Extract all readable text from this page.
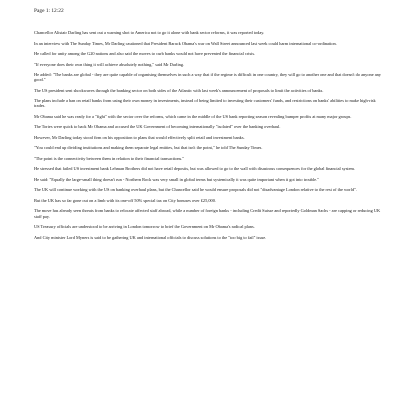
Page 1: 12:22

Chancellor Alistair Darling has sent out a warning shot to America not to go it alone with bank sector reforms, it was reported today.

In an interview with The Sunday Times, Mr Darling cautioned that President Barack Obama's war on Wall Street announced last week could harm international co-ordination.

He called for unity among the G20 nations and also said the moves to curb banks would not have prevented the financial crisis.

"If everyone does their own thing it will achieve absolutely nothing," said Mr Darling.

He added: "The banks are global - they are quite capable of organising themselves in such a way that if the regime is difficult in one country, they will go to another one and that doesn't do anyone any good."

The US president sent shockwaves through the banking sector on both sides of the Atlantic with last week's announcement of proposals to limit the activities of banks.

The plans include a ban on retail banks from using their own money in investments, instead of being limited to investing their customers' funds, and restrictions on banks' abilities to make high-risk trades.

Mr Obama said he was ready for a "fight" with the sector over the reforms, which came in the middle of the US bank reporting season revealing bumper profits at many major groups.

The Tories were quick to back Mr Obama and accused the UK Government of becoming internationally "isolated" over the banking overhaul.

However, Mr Darling today stood firm on his opposition to plans that would effectively split retail and investment banks.

"You could end up dividing institutions and making them separate legal entities, but that isn't the point," he told The Sunday Times.

"The point is the connectivity between them in relation to their financial transactions."

He stressed that failed US investment bank Lehman Brothers did not have retail deposits, but was allowed to go to the wall with disastrous consequences for the global financial system.

He said: "Equally the large-small thing doesn't run - Northern Rock was very small in global terms but systemically it was quite important when it got into trouble."

The UK will continue working with the US on banking overhaul plans, but the Chancellor said he would ensure proposals did not "disadvantage London relative to the rest of the world".

But the UK has so far gone out on a limb with its one-off 50% special tax on City bonuses over £25,000.

The move has already seen threats from banks to relocate affected staff abroad, while a number of foreign banks - including Credit Suisse and reportedly Goldman Sachs - are capping or reducing UK staff pay.

US Treasury officials are understood to be arriving in London tomorrow to brief the Government on Mr Obama's radical plans.

And City minister Lord Myners is said to be gathering UK and international officials to discuss solutions to the "too big to fail" issue.
